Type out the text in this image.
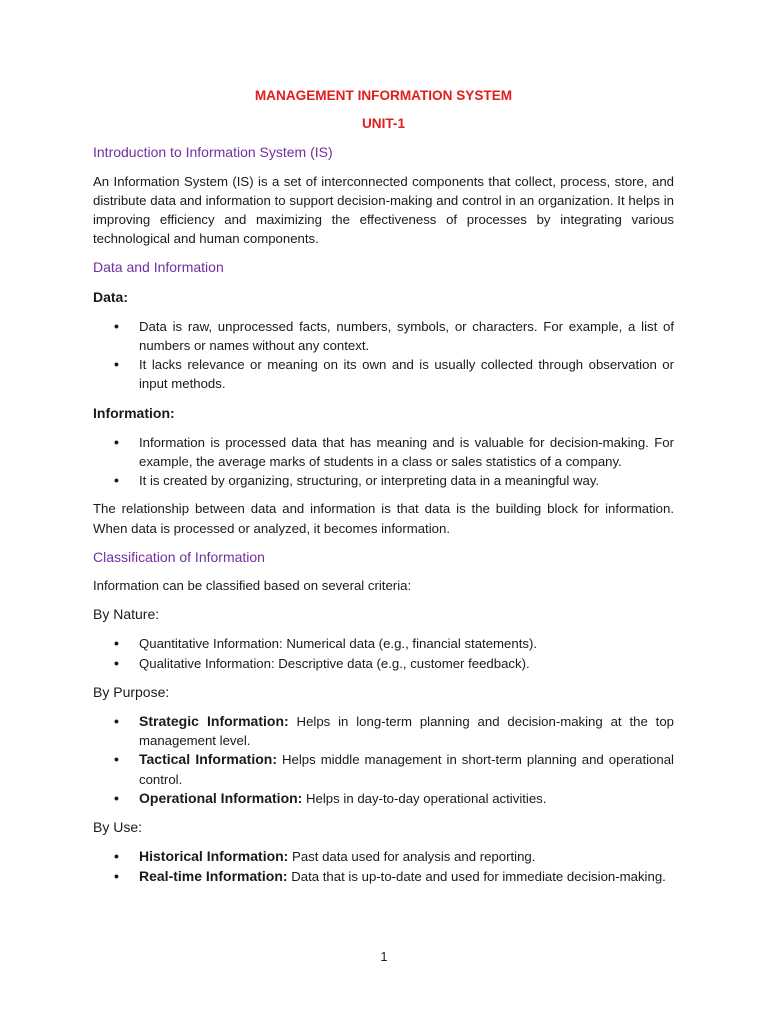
MANAGEMENT INFORMATION SYSTEM

UNIT-1

Introduction to Information System (IS)

An Information System (IS) is a set of interconnected components that collect, process, store, and distribute data and information to support decision-making and control in an organization. It helps in improving efficiency and maximizing the effectiveness of processes by integrating various technological and human components.

Data and Information

Data:

• Data is raw, unprocessed facts, numbers, symbols, or characters. For example, a list of numbers or names without any context.
• It lacks relevance or meaning on its own and is usually collected through observation or input methods.

Information:

• Information is processed data that has meaning and is valuable for decision-making. For example, the average marks of students in a class or sales statistics of a company.
• It is created by organizing, structuring, or interpreting data in a meaningful way.

The relationship between data and information is that data is the building block for information. When data is processed or analyzed, it becomes information.

Classification of Information

Information can be classified based on several criteria:

By Nature:

• Quantitative Information: Numerical data (e.g., financial statements).
• Qualitative Information: Descriptive data (e.g., customer feedback).

By Purpose:

• Strategic Information: Helps in long-term planning and decision-making at the top management level.
• Tactical Information: Helps middle management in short-term planning and operational control.
• Operational Information: Helps in day-to-day operational activities.

By Use:

• Historical Information: Past data used for analysis and reporting.
• Real-time Information: Data that is up-to-date and used for immediate decision-making.
1
